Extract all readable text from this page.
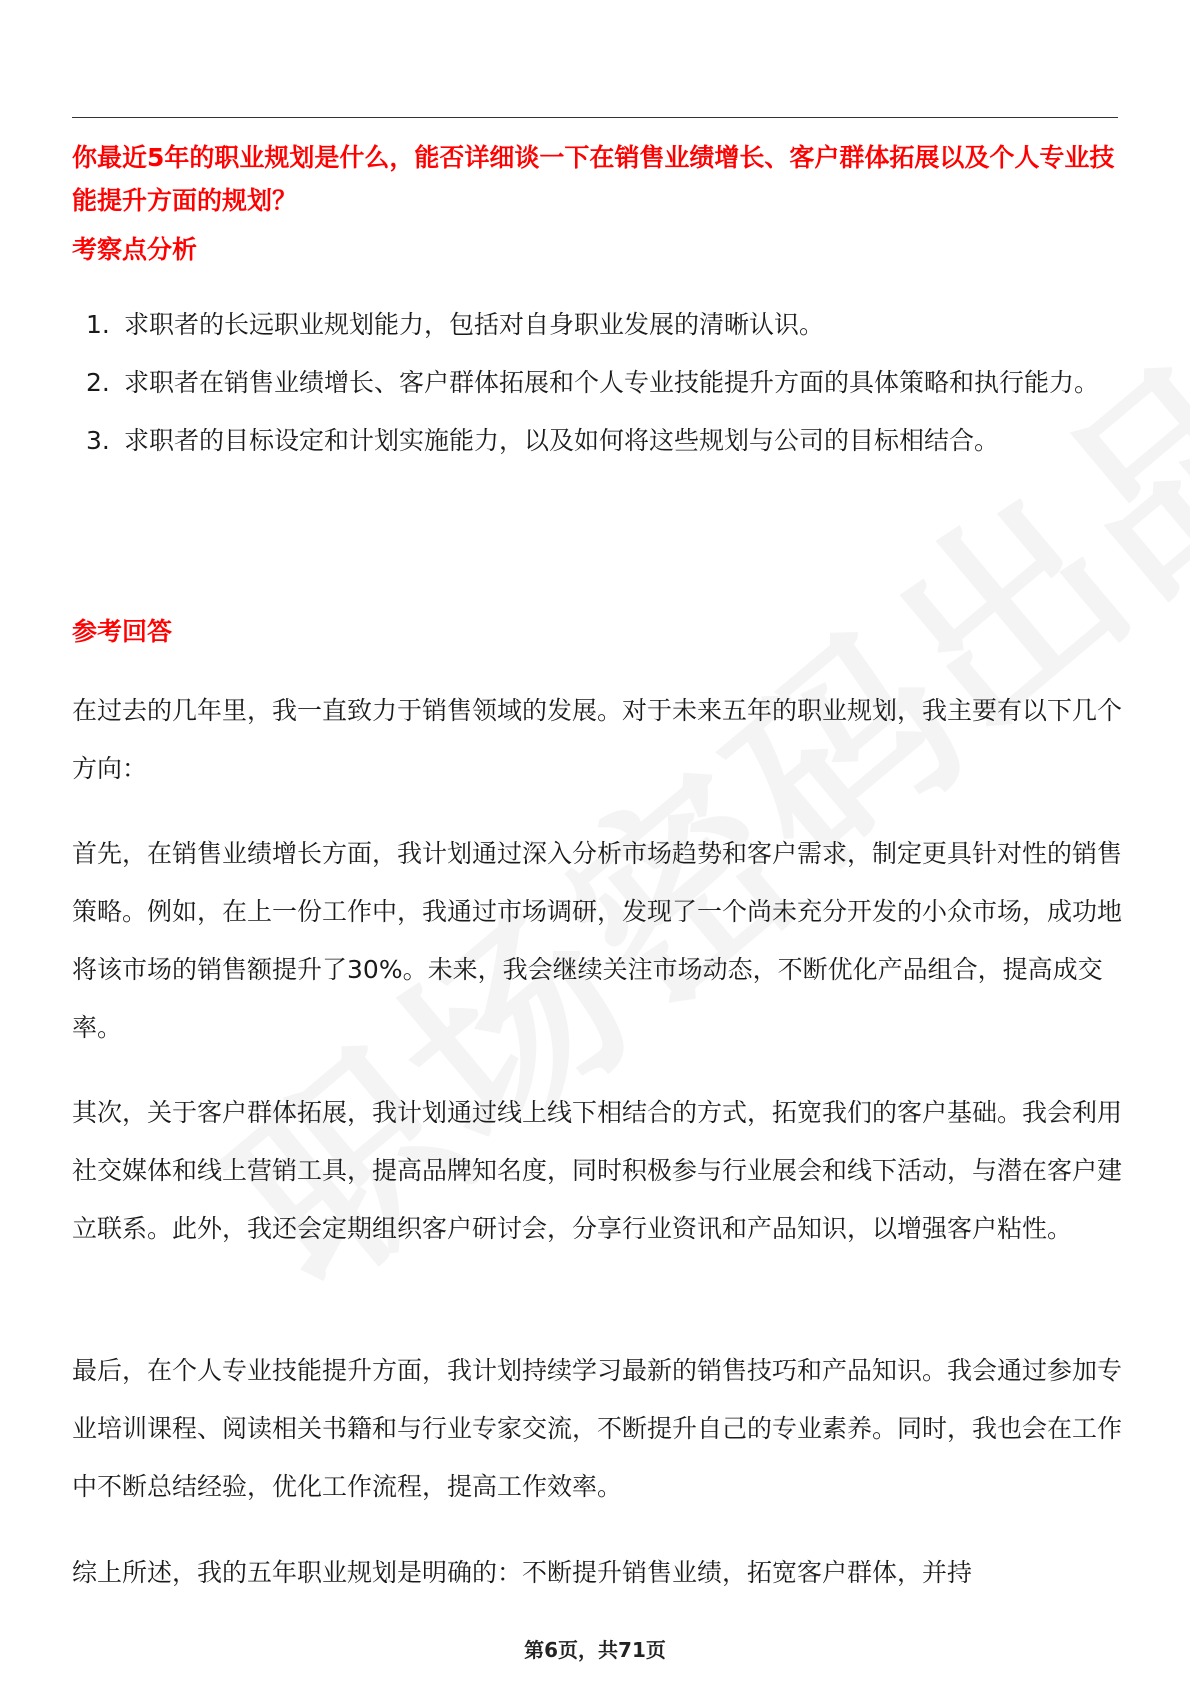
你最近5年的职业规划是什么，能否详细谈一下在销售业绩增长、客户群体拓展以及个人专业技能提升方面的规划？
考察点分析
1. 求职者的长远职业规划能力，包括对自身职业发展的清晰认识。
2. 求职者在销售业绩增长、客户群体拓展和个人专业技能提升方面的具体策略和执行能力。
3. 求职者的目标设定和计划实施能力，以及如何将这些规划与公司的目标相结合。
参考回答

在过去的几年里，我一直致力于销售领域的发展。对于未来五年的职业规划，我主要有以下几个方向：

首先，在销售业绩增长方面，我计划通过深入分析市场趋势和客户需求，制定更具针对性的销售策略。例如，在上一份工作中，我通过市场调研，发现了一个尚未充分开发的小众市场，成功地将该市场的销售额提升了30%。未来，我会继续关注市场动态，不断优化产品组合，提高成交率。

其次，关于客户群体拓展，我计划通过线上线下相结合的方式，拓宽我们的客户基础。我会利用社交媒体和线上营销工具，提高品牌知名度，同时积极参与行业展会和线下活动，与潜在客户建立联系。此外，我还会定期组织客户研讨会，分享行业资讯和产品知识，以增强客户粘性。

最后，在个人专业技能提升方面，我计划持续学习最新的销售技巧和产品知识。我会通过参加专业培训课程、阅读相关书籍和与行业专家交流，不断提升自己的专业素养。同时，我也会在工作中不断总结经验，优化工作流程，提高工作效率。

综上所述，我的五年职业规划是明确的：不断提升销售业绩，拓宽客户群体，并持

第6页，共71页
